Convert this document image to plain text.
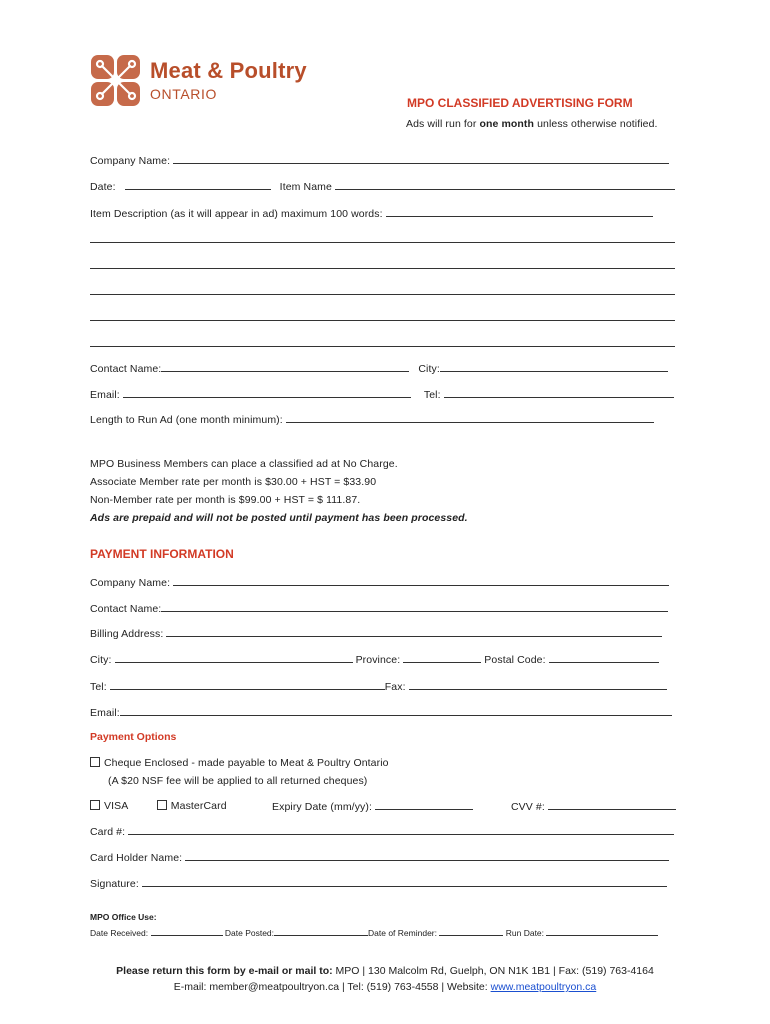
Meat & Poultry
ONTARIO
MPO CLASSIFIED ADVERTISING FORM
Ads will run for one month unless otherwise notified.
Company Name:
Date:	Item Name
Item Description (as it will appear in ad) maximum 100 words:
Contact Name:	City:
Email:	Tel:
Length to Run Ad (one month minimum):
MPO Business Members can place a classified ad at No Charge.
Associate Member rate per month is $30.00 + HST = $33.90
Non-Member rate per month is $99.00 + HST = $ 111.87.
Ads are prepaid and will not be posted until payment has been processed.
PAYMENT INFORMATION
Company Name:
Contact Name:
Billing Address:
City:	Province:	Postal Code:
Tel:	Fax:
Email:
Payment Options
Cheque Enclosed - made payable to Meat & Poultry Ontario
(A $20 NSF fee will be applied to all returned cheques)
VISA	MasterCard	Expiry Date (mm/yy):	CVV #:
Card #:
Card Holder Name:
Signature:
MPO Office Use:
Date Received:	Date Posted:	Date of Reminder:	Run Date:
Please return this form by e-mail or mail to: MPO | 130 Malcolm Rd, Guelph, ON N1K 1B1 | Fax: (519) 763-4164
E-mail: member@meatpoultryon.ca | Tel: (519) 763-4558 | Website: www.meatpoultryon.ca
